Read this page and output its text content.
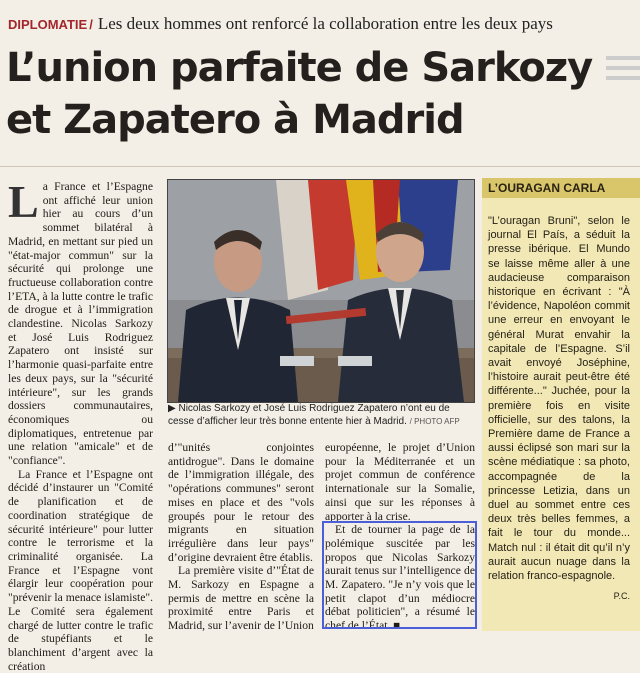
DIPLOMATIE / Les deux hommes ont renforcé la collaboration entre les deux pays
L’union parfaite de Sarkozy
et Zapatero à Madrid
L a France et l’Espagne ont affiché leur union hier au cours d’un sommet bilatéral à Madrid, en mettant sur pied un "état-major commun" sur la sécurité qui prolonge une fructueuse collaboration contre l’ETA, à la lutte contre le trafic de drogue et à l’immigration clandestine. Nicolas Sarkozy et José Luis Rodriguez Zapatero ont insisté sur l’harmonie quasi-parfaite entre les deux pays, sur la "sécurité intérieure", sur les grands dossiers communautaires, économiques ou diplomatiques, entretenue par une relation "amicale" et de "confiance".

La France et l’Espagne ont décidé d’instaurer un "Comité de planification et de coordination stratégique de sécurité intérieure" pour lutter contre le terrorisme et la criminalité organisée. La France et l’Espagne vont élargir leur coopération pour "prévenir la menace islamiste". Le Comité sera également chargé de lutter contre le trafic de stupéfiants et le blanchiment d’argent avec la création

▶ Nicolas Sarkozy et José Luis Rodriguez Zapatero n’ont eu de cesse d’afficher leur très bonne entente hier à Madrid. / PHOTO AFP

d’"unités conjointes antidrogue". Dans le domaine de l’immigration illégale, des "opérations communes" seront mises en place et des "vols groupés pour le retour des migrants en situation irrégulière dans leur pays" d’origine devraient être établis.

La première visite d’"État de M. Sarkozy en Espagne a permis de mettre en scène la proximité entre Paris et Madrid, sur l’avenir de l’Union

européenne, le projet d’Union pour la Méditerranée et un projet commun de conférence internationale sur la Somalie, ainsi que sur les réponses à apporter à la crise.

Et de tourner la page de la polémique suscitée par les propos que Nicolas Sarkozy aurait tenus sur l’intelligence de M. Zapatero. "Je n’y vois que le petit clapot d’un médiocre débat politicien", a résumé le chef de l’État. ■

L’OURAGAN CARLA
"L’ouragan Bruni", selon le journal El País, a séduit la presse ibérique. El Mundo se laisse même aller à une audacieuse comparaison historique en écrivant : "À l’évidence, Napoléon commit une erreur en envoyant le général Murat envahir la capitale de l’Espagne. S’il avait envoyé Joséphine, l’histoire aurait peut-être été différente..." Juchée, pour la première fois en visite officielle, sur des talons, la Première dame de France a aussi éclipsé son mari sur la scène médiatique : sa photo, accompagnée de la princesse Letizia, dans un duel au sommet entre ces deux très belles femmes, a fait le tour du monde... Match nul : il était dit qu’il n’y aurait aucun nuage dans la relation franco-espagnole.
P.C.
